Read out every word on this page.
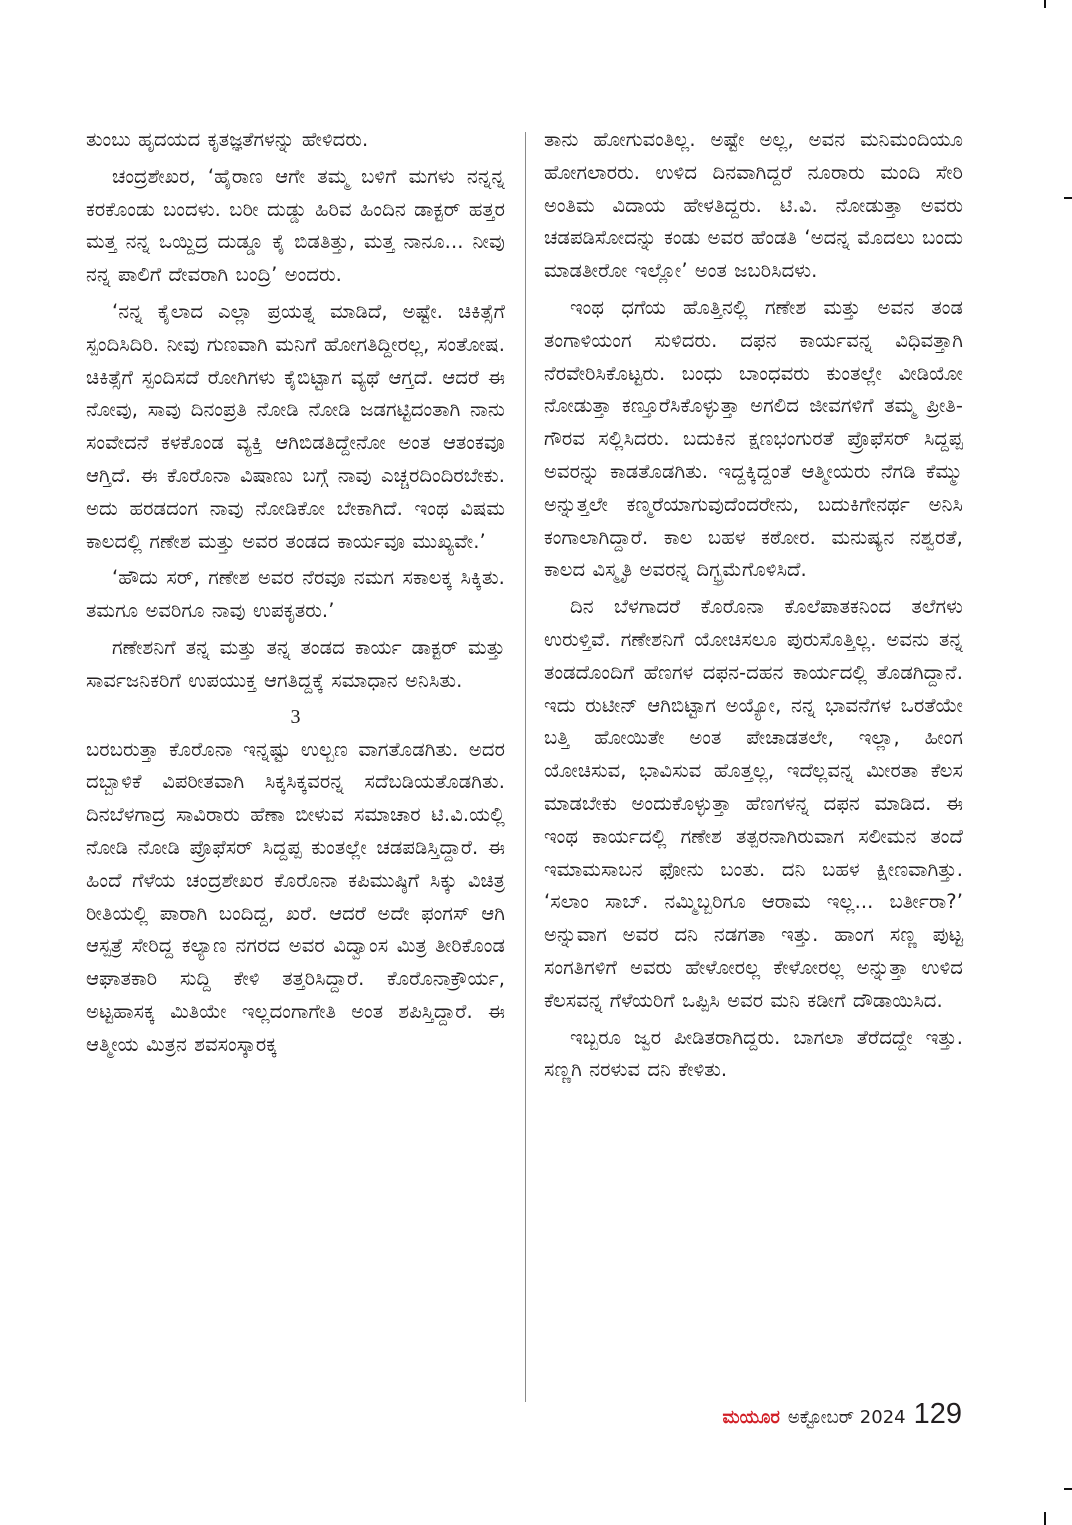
ತುಂಬು ಹೃದಯದ ಕೃತಜ್ಞತೆಗಳನ್ನು ಹೇಳಿದರು.

ಚಂದ್ರಶೇಖರ, ‘ಹೈರಾಣ ಆಗೇ ತಮ್ಮ ಬಳಿಗೆ ಮಗಳು ನನ್ನನ್ನ ಕರಕೊಂಡು ಬಂದಳು. ಬರೀ ದುಡ್ಡು ಹಿರಿವ ಹಿಂದಿನ ಡಾಕ್ಟರ್ ಹತ್ತರ ಮತ್ತ ನನ್ನ ಒಯ್ದಿದ್ರ ದುಡ್ಡೂ ಕೈ ಬಿಡತಿತ್ತು, ಮತ್ತ ನಾನೂ... ನೀವು ನನ್ನ ಪಾಲಿಗೆ ದೇವರಾಗಿ ಬಂದ್ರಿ’ ಅಂದರು.

‘ನನ್ನ ಕೈಲಾದ ಎಲ್ಲಾ ಪ್ರಯತ್ನ ಮಾಡಿದೆ, ಅಷ್ಟೇ. ಚಿಕಿತ್ಸೆಗೆ ಸ್ಪಂದಿಸಿದಿರಿ. ನೀವು ಗುಣವಾಗಿ ಮನಿಗೆ ಹೋಗತಿದ್ದೀರಲ್ಲ, ಸಂತೋಷ. ಚಿಕಿತ್ಸೆಗೆ ಸ್ಪಂದಿಸದೆ ರೋಗಿಗಳು ಕೈಬಿಟ್ಟಾಗ ವ್ಯಥೆ ಆಗ್ತದೆ. ಆದರೆ ಈ ನೋವು, ಸಾವು ದಿನಂಪ್ರತಿ ನೋಡಿ ನೋಡಿ ಜಡಗಟ್ಟಿದಂತಾಗಿ ನಾನು ಸಂವೇದನೆ ಕಳಕೊಂಡ ವ್ಯಕ್ತಿ ಆಗಿಬಿಡತಿದ್ದೇನೋ ಅಂತ ಆತಂಕವೂ ಆಗ್ತಿದೆ. ಈ ಕೊರೊನಾ ವಿಷಾಣು ಬಗ್ಗೆ ನಾವು ಎಚ್ಚರದಿಂದಿರಬೇಕು. ಅದು ಹರಡದಂಗ ನಾವು ನೋಡಿಕೋ ಬೇಕಾಗಿದೆ. ಇಂಥ ವಿಷಮ ಕಾಲದಲ್ಲಿ ಗಣೇಶ ಮತ್ತು ಅವರ ತಂಡದ ಕಾರ್ಯವೂ ಮುಖ್ಯವೇ.’

‘ಹೌದು ಸರ್, ಗಣೇಶ ಅವರ ನೆರವೂ ನಮಗ ಸಕಾಲಕ್ಕ ಸಿಕ್ಕಿತು. ತಮಗೂ ಅವರಿಗೂ ನಾವು ಉಪಕೃತರು.’

ಗಣೇಶನಿಗೆ ತನ್ನ ಮತ್ತು ತನ್ನ ತಂಡದ ಕಾರ್ಯ ಡಾಕ್ಟರ್ ಮತ್ತು ಸಾರ್ವಜನಿಕರಿಗೆ ಉಪಯುಕ್ತ ಆಗತಿದ್ದಕ್ಕೆ ಸಮಾಧಾನ ಅನಿಸಿತು.

3

ಬರಬರುತ್ತಾ ಕೊರೊನಾ ಇನ್ನಷ್ಟು ಉಲ್ಬಣ ವಾಗತೊಡಗಿತು. ಅದರ ದಬ್ಬಾಳಿಕೆ ವಿಪರೀತವಾಗಿ ಸಿಕ್ಕಸಿಕ್ಕವರನ್ನ ಸದೆಬಡಿಯತೊಡಗಿತು. ದಿನಬೆಳಗಾದ್ರ ಸಾವಿರಾರು ಹೆಣಾ ಬೀಳುವ ಸಮಾಚಾರ ಟಿ.ವಿ.ಯಲ್ಲಿ ನೋಡಿ ನೋಡಿ ಪ್ರೊಫೆಸರ್ ಸಿದ್ದಪ್ಪ ಕುಂತಲ್ಲೇ ಚಡಪಡಿಸ್ತಿದ್ದಾರೆ. ಈ ಹಿಂದೆ ಗೆಳೆಯ ಚಂದ್ರಶೇಖರ ಕೊರೊನಾ ಕಪಿಮುಷ್ಠಿಗೆ ಸಿಕ್ಕು ವಿಚಿತ್ರ ರೀತಿಯಲ್ಲಿ ಪಾರಾಗಿ ಬಂದಿದ್ದ, ಖರೆ. ಆದರೆ ಅದೇ ಫಂಗಸ್ ಆಗಿ ಆಸ್ಪತ್ರೆ ಸೇರಿದ್ದ ಕಲ್ಯಾಣ ನಗರದ ಅವರ ವಿದ್ವಾಂಸ ಮಿತ್ರ ತೀರಿಕೊಂಡ ಆಘಾತಕಾರಿ ಸುದ್ದಿ ಕೇಳಿ ತತ್ತರಿಸಿದ್ದಾರೆ. ಕೊರೊನಾಕ್ರೌರ್ಯ, ಅಟ್ಟಹಾಸಕ್ಕ ಮಿತಿಯೇ ಇಲ್ಲದಂಗಾಗೇತಿ ಅಂತ ಶಪಿಸ್ತಿದ್ದಾರೆ. ಈ ಆತ್ಮೀಯ ಮಿತ್ರನ ಶವಸಂಸ್ಕಾರಕ್ಕ

ತಾನು ಹೋಗುವಂತಿಲ್ಲ. ಅಷ್ಟೇ ಅಲ್ಲ, ಅವನ ಮನಿಮಂದಿಯೂ ಹೋಗಲಾರರು. ಉಳಿದ ದಿನವಾಗಿದ್ದರೆ ನೂರಾರು ಮಂದಿ ಸೇರಿ ಅಂತಿಮ ವಿದಾಯ ಹೇಳತಿದ್ದರು. ಟಿ.ವಿ. ನೋಡುತ್ತಾ ಅವರು ಚಡಪಡಿಸೋದನ್ನು ಕಂಡು ಅವರ ಹೆಂಡತಿ ‘ಅದನ್ನ ಮೊದಲು ಬಂದು ಮಾಡತೀರೋ ಇಲ್ಲೋ’ ಅಂತ ಜಬರಿಸಿದಳು.

ಇಂಥ ಧಗೆಯ ಹೊತ್ತಿನಲ್ಲಿ ಗಣೇಶ ಮತ್ತು ಅವನ ತಂಡ ತಂಗಾಳಿಯಂಗ ಸುಳಿದರು. ದಫನ ಕಾರ್ಯವನ್ನ ವಿಧಿವತ್ತಾಗಿ ನೆರವೇರಿಸಿಕೊಟ್ಟರು. ಬಂಧು ಬಾಂಧವರು ಕುಂತಲ್ಲೇ ವೀಡಿಯೋ ನೋಡುತ್ತಾ ಕಣ್ತೂರೆಸಿಕೊಳ್ಳುತ್ತಾ ಅಗಲಿದ ಜೀವಗಳಿಗೆ ತಮ್ಮ ಪ್ರೀತಿ-ಗೌರವ ಸಲ್ಲಿಸಿದರು. ಬದುಕಿನ ಕ್ಷಣಭಂಗುರತೆ ಪ್ರೊಫೆಸರ್ ಸಿದ್ದಪ್ಪ ಅವರನ್ನು ಕಾಡತೊಡಗಿತು. ಇದ್ದಕ್ಕಿದ್ದಂತೆ ಆತ್ಮೀಯರು ನೆಗಡಿ ಕೆಮ್ಮು ಅನ್ನುತ್ತಲೇ ಕಣ್ಮರೆಯಾಗುವುದೆಂದರೇನು, ಬದುಕಿಗೇನರ್ಥ ಅನಿಸಿ ಕಂಗಾಲಾಗಿದ್ದಾರೆ. ಕಾಲ ಬಹಳ ಕಠೋರ. ಮನುಷ್ಯನ ನಶ್ವರತೆ, ಕಾಲದ ವಿಸ್ಮೃತಿ ಅವರನ್ನ ದಿಗ್ಭ್ರಮೆಗೊಳಿಸಿದೆ.

ದಿನ ಬೆಳಗಾದರೆ ಕೊರೊನಾ ಕೊಲೆಪಾತಕನಿಂದ ತಲೆಗಳು ಉರುಳ್ತಿವೆ. ಗಣೇಶನಿಗೆ ಯೋಚಿಸಲೂ ಪುರುಸೊತ್ತಿಲ್ಲ. ಅವನು ತನ್ನ ತಂಡದೊಂದಿಗೆ ಹೆಣಗಳ ದಫನ-ದಹನ ಕಾರ್ಯದಲ್ಲಿ ತೊಡಗಿದ್ದಾನೆ. ಇದು ರುಟೀನ್ ಆಗಿಬಿಟ್ಟಾಗ ಅಯ್ಯೋ, ನನ್ನ ಭಾವನೆಗಳ ಒರತೆಯೇ ಬತ್ತಿ ಹೋಯಿತೇ ಅಂತ ಪೇಚಾಡತಲೇ, ಇಲ್ಲಾ, ಹೀಂಗ ಯೋಚಿಸುವ, ಭಾವಿಸುವ ಹೊತ್ತಲ್ಲ, ಇದೆಲ್ಲವನ್ನ ಮೀರತಾ ಕೆಲಸ ಮಾಡಬೇಕು ಅಂದುಕೊಳ್ಳುತ್ತಾ ಹೆಣಗಳನ್ನ ದಫನ ಮಾಡಿದ. ಈ ಇಂಥ ಕಾರ್ಯದಲ್ಲಿ ಗಣೇಶ ತತ್ಪರನಾಗಿರುವಾಗ ಸಲೀಮನ ತಂದೆ ಇಮಾಮಸಾಬನ ಫೋನು ಬಂತು. ದನಿ ಬಹಳ ಕ್ಷೀಣವಾಗಿತ್ತು. ‘ಸಲಾಂ ಸಾಬ್. ನಮ್ಮಿಬ್ಬರಿಗೂ ಆರಾಮ ಇಲ್ಲ... ಬರ್ತೀರಾ?’ ಅನ್ನುವಾಗ ಅವರ ದನಿ ನಡಗತಾ ಇತ್ತು. ಹಾಂಗ ಸಣ್ಣ ಪುಟ್ಟ ಸಂಗತಿಗಳಿಗೆ ಅವರು ಹೇಳೋರಲ್ಲ ಕೇಳೋರಲ್ಲ ಅನ್ನುತ್ತಾ ಉಳಿದ ಕೆಲಸವನ್ನ ಗೆಳೆಯರಿಗೆ ಒಪ್ಪಿಸಿ ಅವರ ಮನಿ ಕಡೀಗೆ ದೌಡಾಯಿಸಿದ.

ಇಬ್ಬರೂ ಜ್ವರ ಪೀಡಿತರಾಗಿದ್ದರು. ಬಾಗಲಾ ತೆರೆದದ್ದೇ ಇತ್ತು. ಸಣ್ಣಗಿ ನರಳುವ ದನಿ ಕೇಳಿತು.

ಮಯೂರ ಅಕ್ಟೋಬರ್ 2024 129
